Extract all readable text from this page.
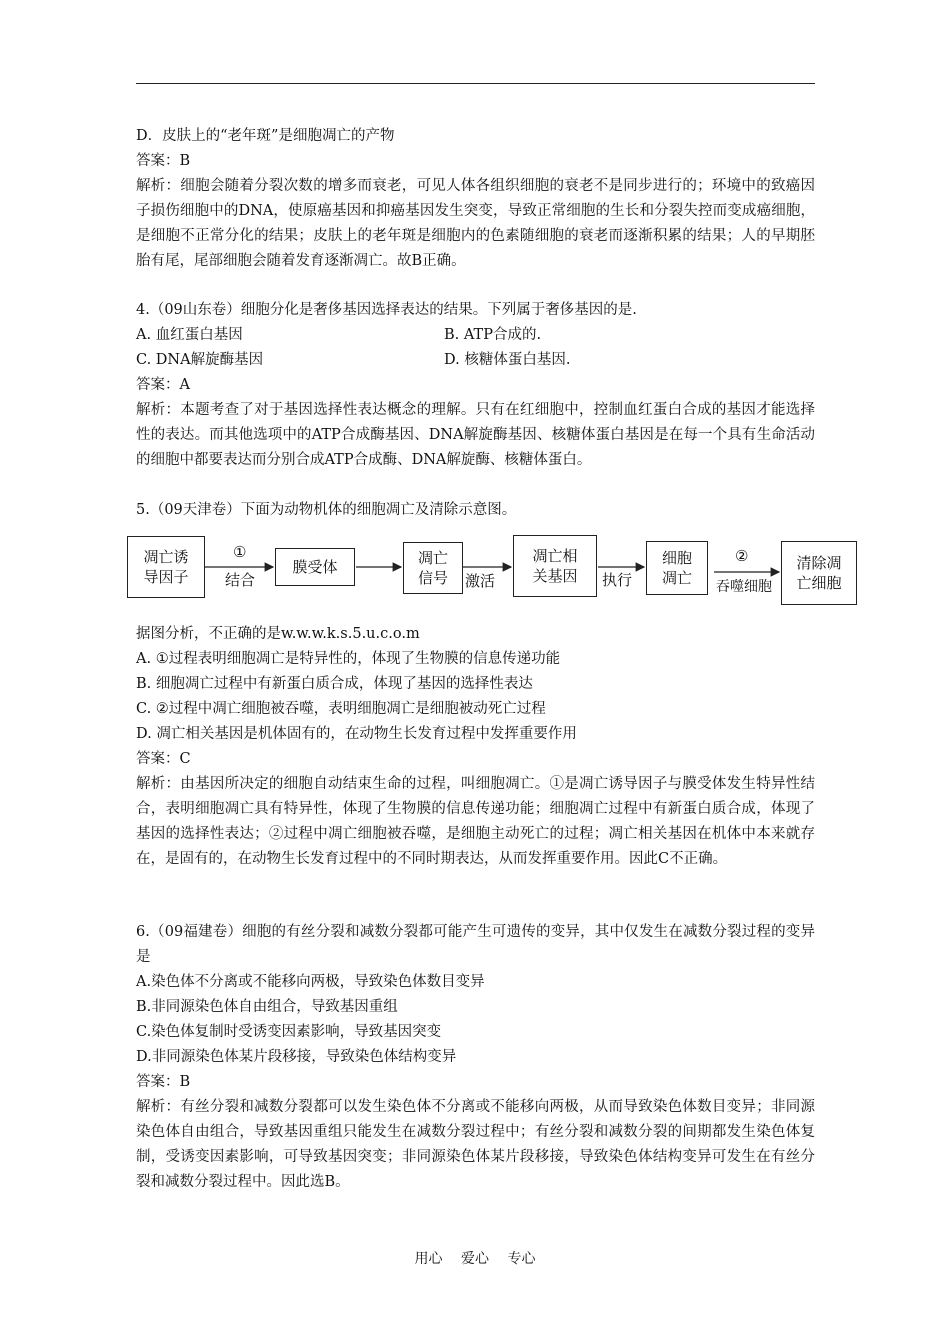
D．皮肤上的“老年斑”是细胞凋亡的产物
答案：B
解析：细胞会随着分裂次数的增多而衰老，可见人体各组织细胞的衰老不是同步进行的；环境中的致癌因子损伤细胞中的DNA，使原癌基因和抑癌基因发生突变，导致正常细胞的生长和分裂失控而变成癌细胞，是细胞不正常分化的结果；皮肤上的老年斑是细胞内的色素随细胞的衰老而逐渐积累的结果；人的早期胚胎有尾，尾部细胞会随着发育逐渐凋亡。故B正确。
4.（09山东卷）细胞分化是奢侈基因选择表达的结果。下列属于奢侈基因的是.
A. 血红蛋白基因	B. ATP合成的.
C. DNA解旋酶基因	D. 核糖体蛋白基因.
答案：A
解析：本题考查了对于基因选择性表达概念的理解。只有在红细胞中，控制血红蛋白合成的基因才能选择性的表达。而其他选项中的ATP合成酶基因、DNA解旋酶基因、核糖体蛋白基因是在每一个具有生命活动的细胞中都要表达而分别合成ATP合成酶、DNA解旋酶、核糖体蛋白。
5.（09天津卷）下面为动物机体的细胞凋亡及清除示意图。
凋亡诱
导因子
①
结合
膜受体	凋亡
信号 激活
凋亡相
关基因 执行
细胞
凋亡
②
吞噬细胞
清除凋
亡细胞
据图分析，不正确的是w.w.w.k.s.5.u.c.o.m
A. ①过程表明细胞凋亡是特异性的，体现了生物膜的信息传递功能
B. 细胞凋亡过程中有新蛋白质合成，体现了基因的选择性表达
C. ②过程中凋亡细胞被吞噬，表明细胞凋亡是细胞被动死亡过程
D. 凋亡相关基因是机体固有的，在动物生长发育过程中发挥重要作用
答案：C
解析：由基因所决定的细胞自动结束生命的过程，叫细胞凋亡。①是凋亡诱导因子与膜受体发生特异性结合，表明细胞凋亡具有特异性，体现了生物膜的信息传递功能；细胞凋亡过程中有新蛋白质合成，体现了基因的选择性表达；②过程中凋亡细胞被吞噬，是细胞主动死亡的过程；凋亡相关基因在机体中本来就存在，是固有的，在动物生长发育过程中的不同时期表达，从而发挥重要作用。因此C不正确。
6.（09福建卷）细胞的有丝分裂和减数分裂都可能产生可遗传的变异，其中仅发生在减数分裂过程的变异是
A.染色体不分离或不能移向两极，导致染色体数目变异
B.非同源染色体自由组合，导致基因重组
C.染色体复制时受诱变因素影响，导致基因突变
D.非同源染色体某片段移接，导致染色体结构变异
答案：B
解析：有丝分裂和减数分裂都可以发生染色体不分离或不能移向两极，从而导致染色体数目变异；非同源染色体自由组合，导致基因重组只能发生在减数分裂过程中；有丝分裂和减数分裂的间期都发生染色体复制，受诱变因素影响，可导致基因突变；非同源染色体某片段移接，导致染色体结构变异可发生在有丝分裂和减数分裂过程中。因此选B。
用心 爱心 专心
